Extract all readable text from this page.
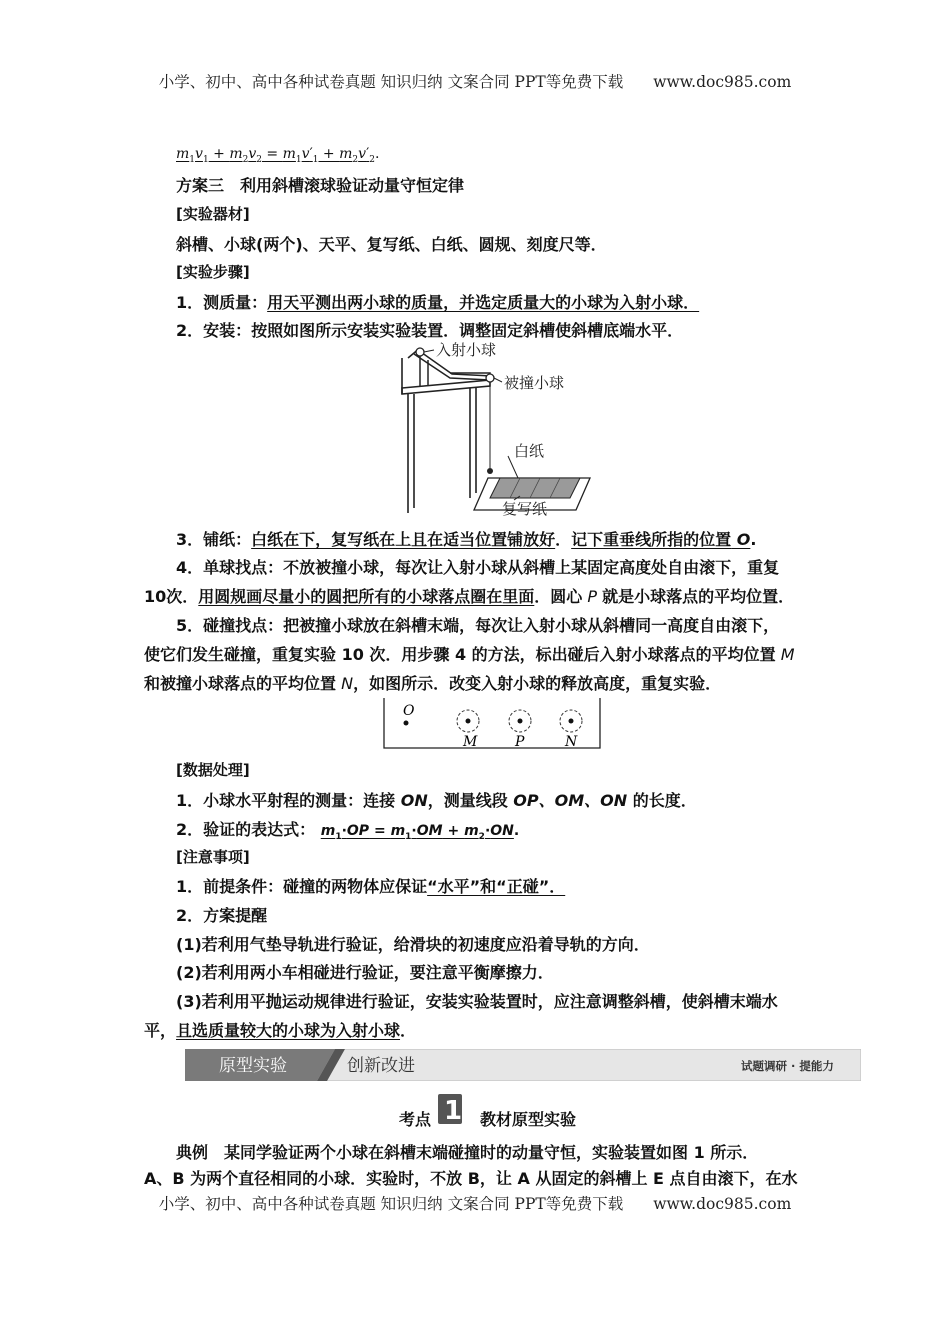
小学、初中、高中各种试卷真题 知识归纳 文案合同 PPT等免费下载 www.doc985.com
$m_1v_1 + m_2v_2 = m_1v'_1 + m_2v'_2$.
方案三　利用斜槽滚球验证动量守恒定律
[实验器材]
斜槽、小球(两个)、天平、复写纸、白纸、圆规、刻度尺等．
[实验步骤]
1．测质量：用天平测出两小球的质量，并选定质量大的小球为入射小球．
2．安装：按照如图所示安装实验装置．调整固定斜槽使斜槽底端水平．
入射小球
被撞小球
白纸
复写纸
3．铺纸：白纸在下，复写纸在上且在适当位置铺放好．记下重垂线所指的位置 O.
4．单球找点：不放被撞小球，每次让入射小球从斜槽上某固定高度处自由滚下，重复
10次．用圆规画尽量小的圆把所有的小球落点圈在里面．圆心 P 就是小球落点的平均位置．
5．碰撞找点：把被撞小球放在斜槽末端，每次让入射小球从斜槽同一高度自由滚下，
使它们发生碰撞，重复实验 10 次．用步骤 4 的方法，标出碰后入射小球落点的平均位置 M
和被撞小球落点的平均位置 N，如图所示．改变入射小球的释放高度，重复实验．
O
M	P	N
[数据处理]
1．小球水平射程的测量：连接 ON，测量线段 OP、OM、ON 的长度．
2．验证的表达式： $m_1\cdot OP = m_1\cdot OM + m_2\cdot ON$.
[注意事项]
1．前提条件：碰撞的两物体应保证“水平”和“正碰”．
2．方案提醒
(1)若利用气垫导轨进行验证，给滑块的初速度应沿着导轨的方向．
(2)若利用两小车相碰进行验证，要注意平衡摩擦力．
(3)若利用平抛运动规律进行验证，安装实验装置时，应注意调整斜槽，使斜槽末端水
平，且选质量较大的小球为入射小球．
原型实验	创新改进	试题调研 · 提能力
考点 1 教材原型实验
典例　某同学验证两个小球在斜槽末端碰撞时的动量守恒，实验装置如图 1 所示．
A、B 为两个直径相同的小球．实验时，不放 B，让 A 从固定的斜槽上 E 点自由滚下，在水
小学、初中、高中各种试卷真题 知识归纳 文案合同 PPT等免费下载 www.doc985.com
